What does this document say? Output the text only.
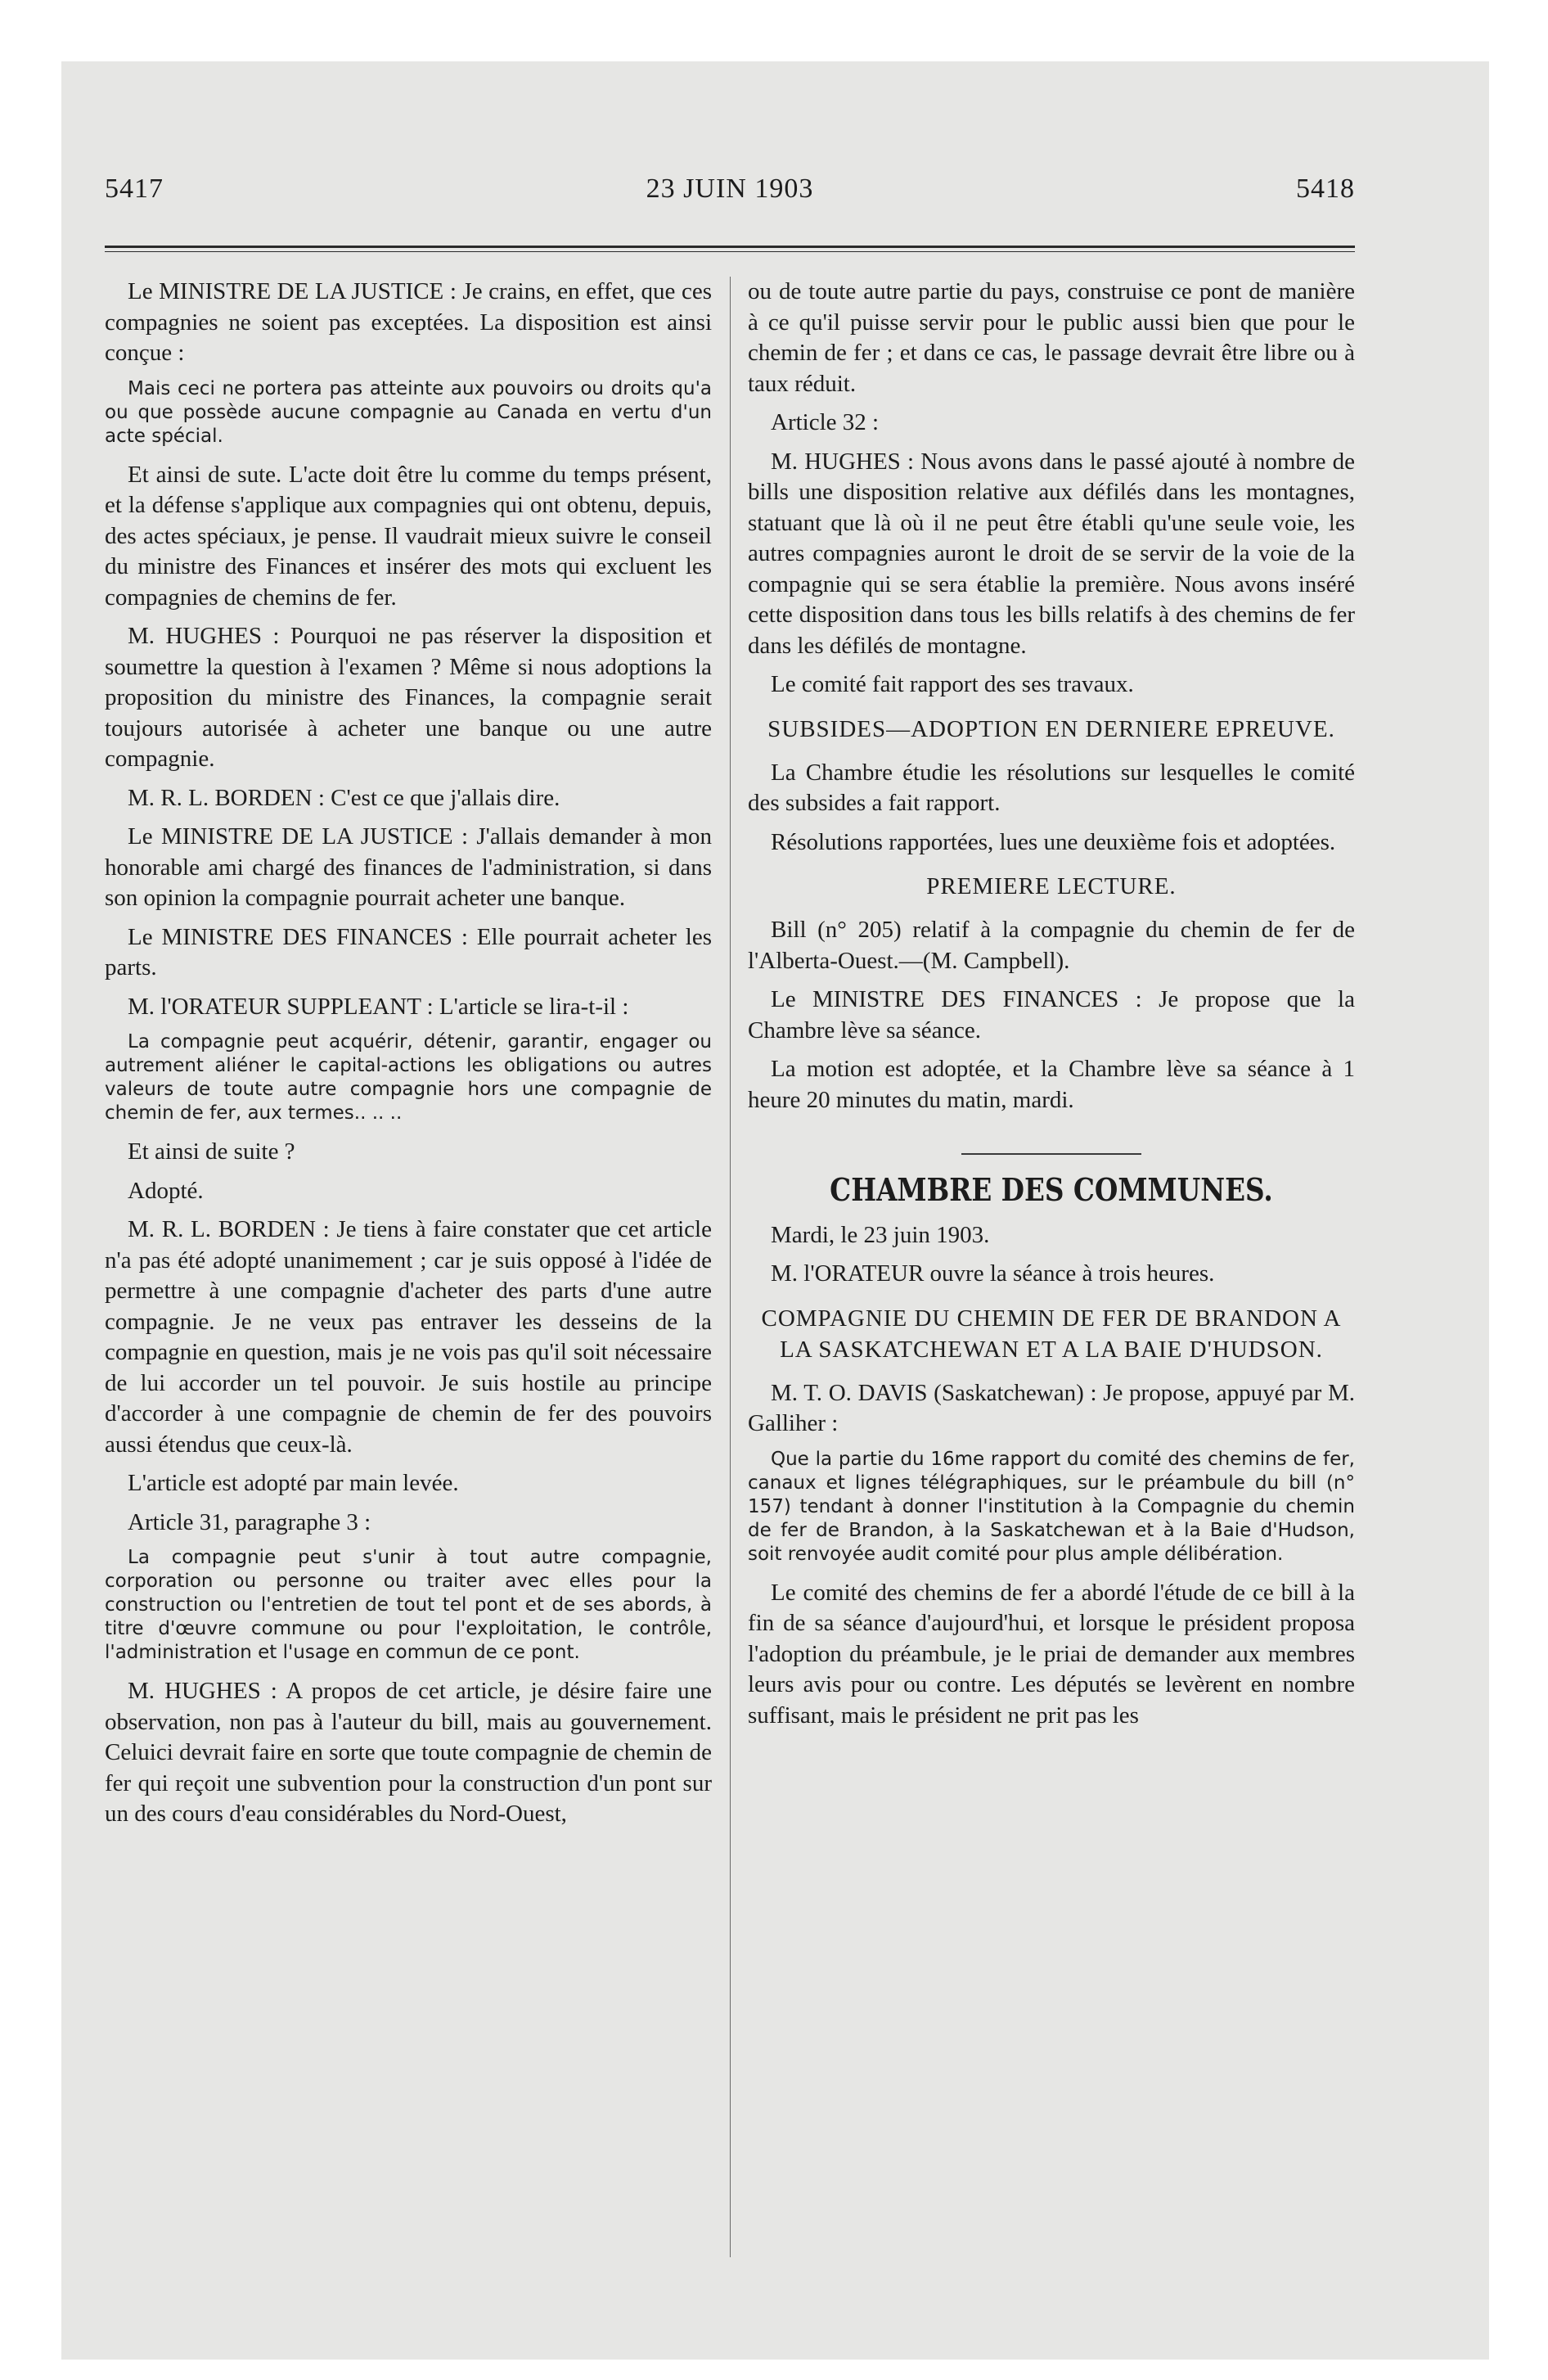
5417	23 JUIN 1903	5418

Le MINISTRE DE LA JUSTICE : Je crains, en effet, que ces compagnies ne soient pas exceptées. La disposition est ainsi conçue :

Mais ceci ne portera pas atteinte aux pouvoirs ou droits qu'a ou que possède aucune compagnie au Canada en vertu d'un acte spécial.

Et ainsi de sute. L'acte doit être lu comme du temps présent, et la défense s'applique aux compagnies qui ont obtenu, depuis, des actes spéciaux, je pense. Il vaudrait mieux suivre le conseil du ministre des Finances et insérer des mots qui excluent les compagnies de chemins de fer.

M. HUGHES : Pourquoi ne pas réserver la disposition et soumettre la question à l'examen ? Même si nous adoptions la proposition du ministre des Finances, la compagnie serait toujours autorisée à acheter une banque ou une autre compagnie.

M. R. L. BORDEN : C'est ce que j'allais dire.

Le MINISTRE DE LA JUSTICE : J'allais demander à mon honorable ami chargé des finances de l'administration, si dans son opinion la compagnie pourrait acheter une banque.

Le MINISTRE DES FINANCES : Elle pourrait acheter les parts.

M. l'ORATEUR SUPPLEANT : L'article se lira-t-il :

La compagnie peut acquérir, détenir, garantir, engager ou autrement aliéner le capital-actions les obligations ou autres valeurs de toute autre compagnie hors une compagnie de chemin de fer, aux termes.. .. ..

Et ainsi de suite ?

Adopté.

M. R. L. BORDEN : Je tiens à faire constater que cet article n'a pas été adopté unanimement ; car je suis opposé à l'idée de permettre à une compagnie d'acheter des parts d'une autre compagnie. Je ne veux pas entraver les desseins de la compagnie en question, mais je ne vois pas qu'il soit nécessaire de lui accorder un tel pouvoir. Je suis hostile au principe d'accorder à une compagnie de chemin de fer des pouvoirs aussi étendus que ceux-là.

L'article est adopté par main levée.

Article 31, paragraphe 3 :

La compagnie peut s'unir à tout autre compagnie, corporation ou personne ou traiter avec elles pour la construction ou l'entretien de tout tel pont et de ses abords, à titre d'œuvre commune ou pour l'exploitation, le contrôle, l'administration et l'usage en commun de ce pont.

M. HUGHES : A propos de cet article, je désire faire une observation, non pas à l'auteur du bill, mais au gouvernement. Celuici devrait faire en sorte que toute compagnie de chemin de fer qui reçoit une subvention pour la construction d'un pont sur un des cours d'eau considérables du Nord-Ouest,

ou de toute autre partie du pays, construise ce pont de manière à ce qu'il puisse servir pour le public aussi bien que pour le chemin de fer ; et dans ce cas, le passage devrait être libre ou à taux réduit.

Article 32 :

M. HUGHES : Nous avons dans le passé ajouté à nombre de bills une disposition relative aux défilés dans les montagnes, statuant que là où il ne peut être établi qu'une seule voie, les autres compagnies auront le droit de se servir de la voie de la compagnie qui se sera établie la première. Nous avons inséré cette disposition dans tous les bills relatifs à des chemins de fer dans les défilés de montagne.

Le comité fait rapport des ses travaux.

SUBSIDES—ADOPTION EN DERNIERE EPREUVE.

La Chambre étudie les résolutions sur lesquelles le comité des subsides a fait rapport.

Résolutions rapportées, lues une deuxième fois et adoptées.

PREMIERE LECTURE.

Bill (n° 205) relatif à la compagnie du chemin de fer de l'Alberta-Ouest.—(M. Campbell).

Le MINISTRE DES FINANCES : Je propose que la Chambre lève sa séance.

La motion est adoptée, et la Chambre lève sa séance à 1 heure 20 minutes du matin, mardi.

CHAMBRE DES COMMUNES.

Mardi, le 23 juin 1903.

M. l'ORATEUR ouvre la séance à trois heures.

COMPAGNIE DU CHEMIN DE FER DE BRANDON A LA SASKATCHEWAN ET A LA BAIE D'HUDSON.

M. T. O. DAVIS (Saskatchewan) : Je propose, appuyé par M. Galliher :

Que la partie du 16me rapport du comité des chemins de fer, canaux et lignes télégraphiques, sur le préambule du bill (n° 157) tendant à donner l'institution à la Compagnie du chemin de fer de Brandon, à la Saskatchewan et à la Baie d'Hudson, soit renvoyée audit comité pour plus ample délibération.

Le comité des chemins de fer a abordé l'étude de ce bill à la fin de sa séance d'aujourd'hui, et lorsque le président proposa l'adoption du préambule, je le priai de demander aux membres leurs avis pour ou contre. Les députés se levèrent en nombre suffisant, mais le président ne prit pas les
